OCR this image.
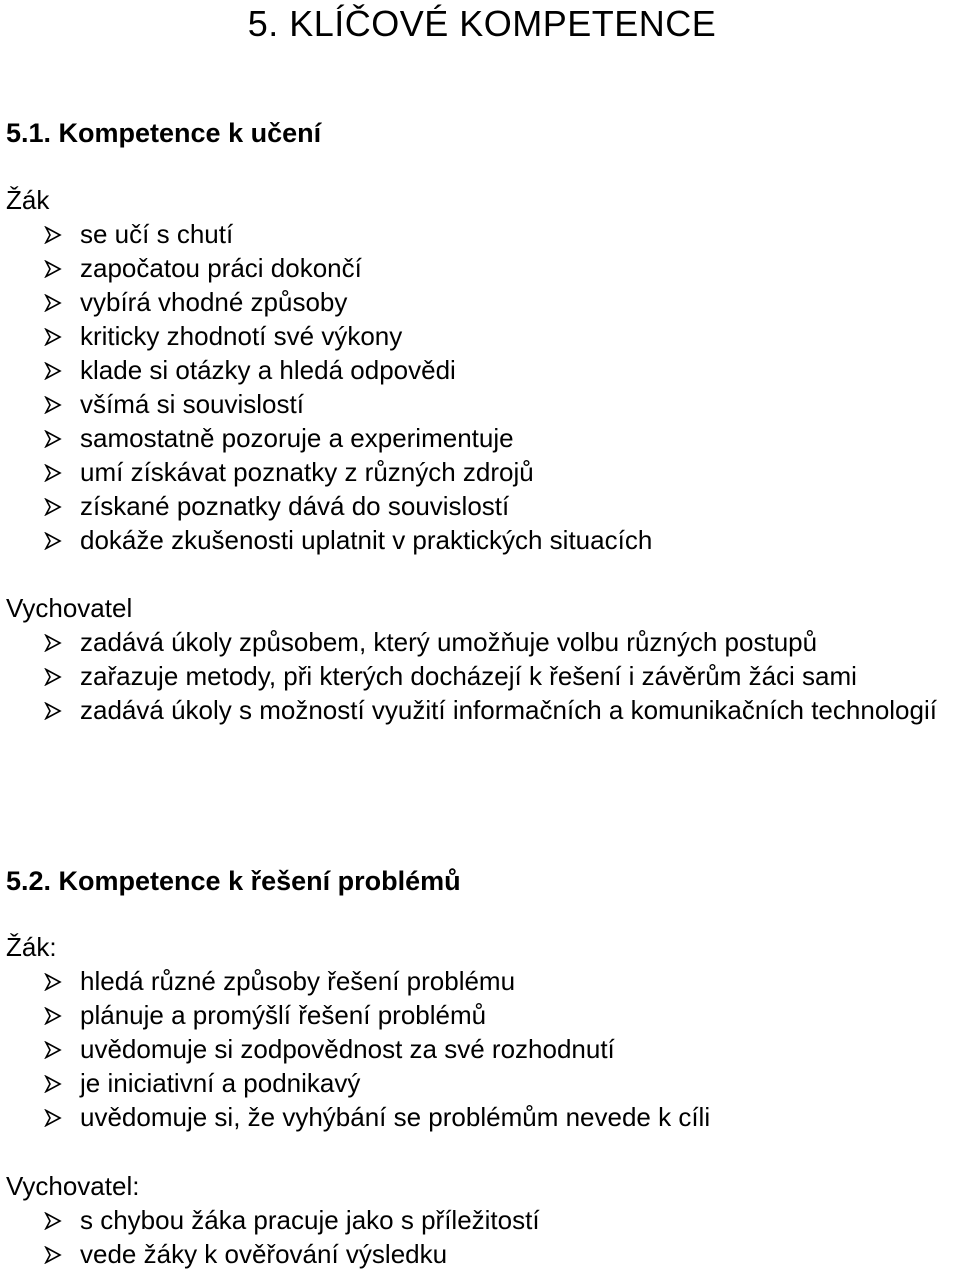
5. KLÍČOVÉ KOMPETENCE
5.1. Kompetence k učení
Žák
se učí s chutí
započatou práci dokončí
vybírá vhodné způsoby
kriticky zhodnotí své výkony
klade si otázky a hledá odpovědi
všímá si souvislostí
samostatně pozoruje a experimentuje
umí získávat poznatky z různých zdrojů
získané poznatky dává do souvislostí
dokáže zkušenosti uplatnit v praktických situacích
Vychovatel
zadává úkoly způsobem, který umožňuje volbu různých postupů
zařazuje metody, při kterých docházejí k řešení i závěrům žáci sami
zadává úkoly s možností využití informačních a komunikačních technologií
5.2. Kompetence k řešení problémů
Žák:
hledá různé způsoby řešení problému
plánuje a promýšlí řešení problémů
uvědomuje si zodpovědnost za své rozhodnutí
je iniciativní a podnikavý
uvědomuje si, že vyhýbání se problémům nevede k cíli
Vychovatel:
s chybou žáka pracuje jako s příležitostí
vede žáky k ověřování výsledku
